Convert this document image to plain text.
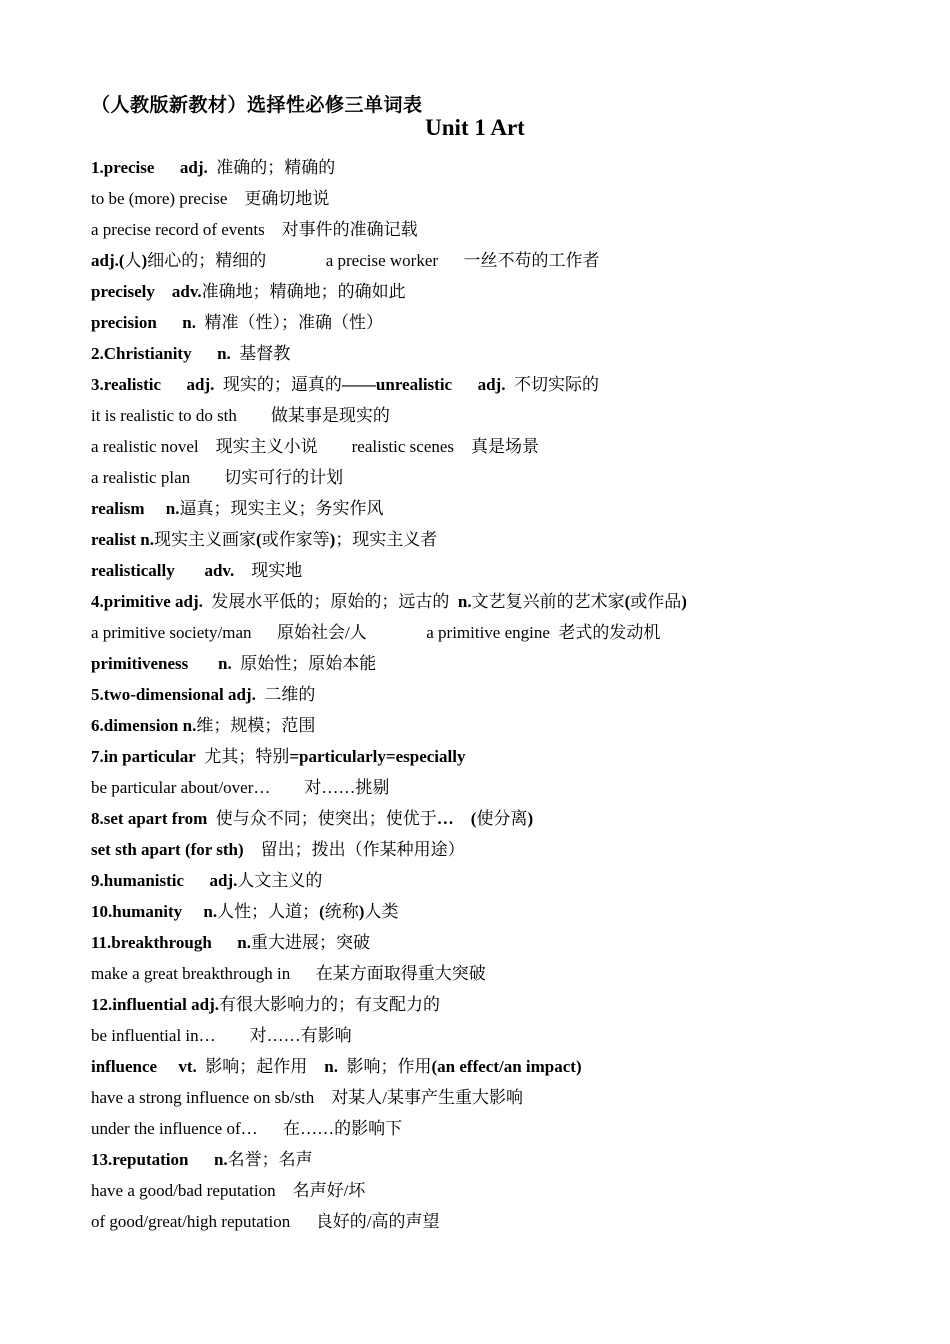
（人教版新教材）选择性必修三单词表
Unit 1 Art
1.precise      adj.  准确的；精确的
to be (more) precise    更确切地说
a precise record of events    对事件的准确记载
adj.(人)细心的；精细的              a precise worker      一丝不苟的工作者
precisely    adv.准确地；精确地；的确如此
precision      n.  精准（性）；准确（性）
2.Christianity      n.  基督教
3.realistic      adj.  现实的；逼真的——unrealistic      adj.  不切实际的
it is realistic to do sth        做某事是现实的
a realistic novel    现实主义小说        realistic scenes    真是场景
a realistic plan        切实可行的计划
realism     n.逼真；现实主义；务实作风
realist n.现实主义画家(或作家等)；现实主义者
realistically       adv.    现实地
4.primitive adj.  发展水平低的；原始的；远古的  n.文艺复兴前的艺术家(或作品)
a primitive society/man      原始社会/人              a primitive engine  老式的发动机
primitiveness       n.  原始性；原始本能
5.two-dimensional adj.  二维的
6.dimension n.维；规模；范围
7.in particular  尤其；特别=particularly=especially
be particular about/over…        对……挑剔
8.set apart from  使与众不同；使突出；使优于…    (使分离)
set sth apart (for sth)    留出；拨出（作某种用途）
9.humanistic      adj.人文主义的
10.humanity     n.人性；人道；(统称)人类
11.breakthrough      n.重大进展；突破
make a great breakthrough in      在某方面取得重大突破
12.influential adj.有很大影响力的；有支配力的
be influential in…        对……有影响
influence     vt.  影响；起作用    n.  影响；作用(an effect/an impact)
have a strong influence on sb/sth    对某人/某事产生重大影响
under the influence of…      在……的影响下
13.reputation      n.名誉；名声
have a good/bad reputation    名声好/坏
of good/great/high reputation      良好的/高的声望
